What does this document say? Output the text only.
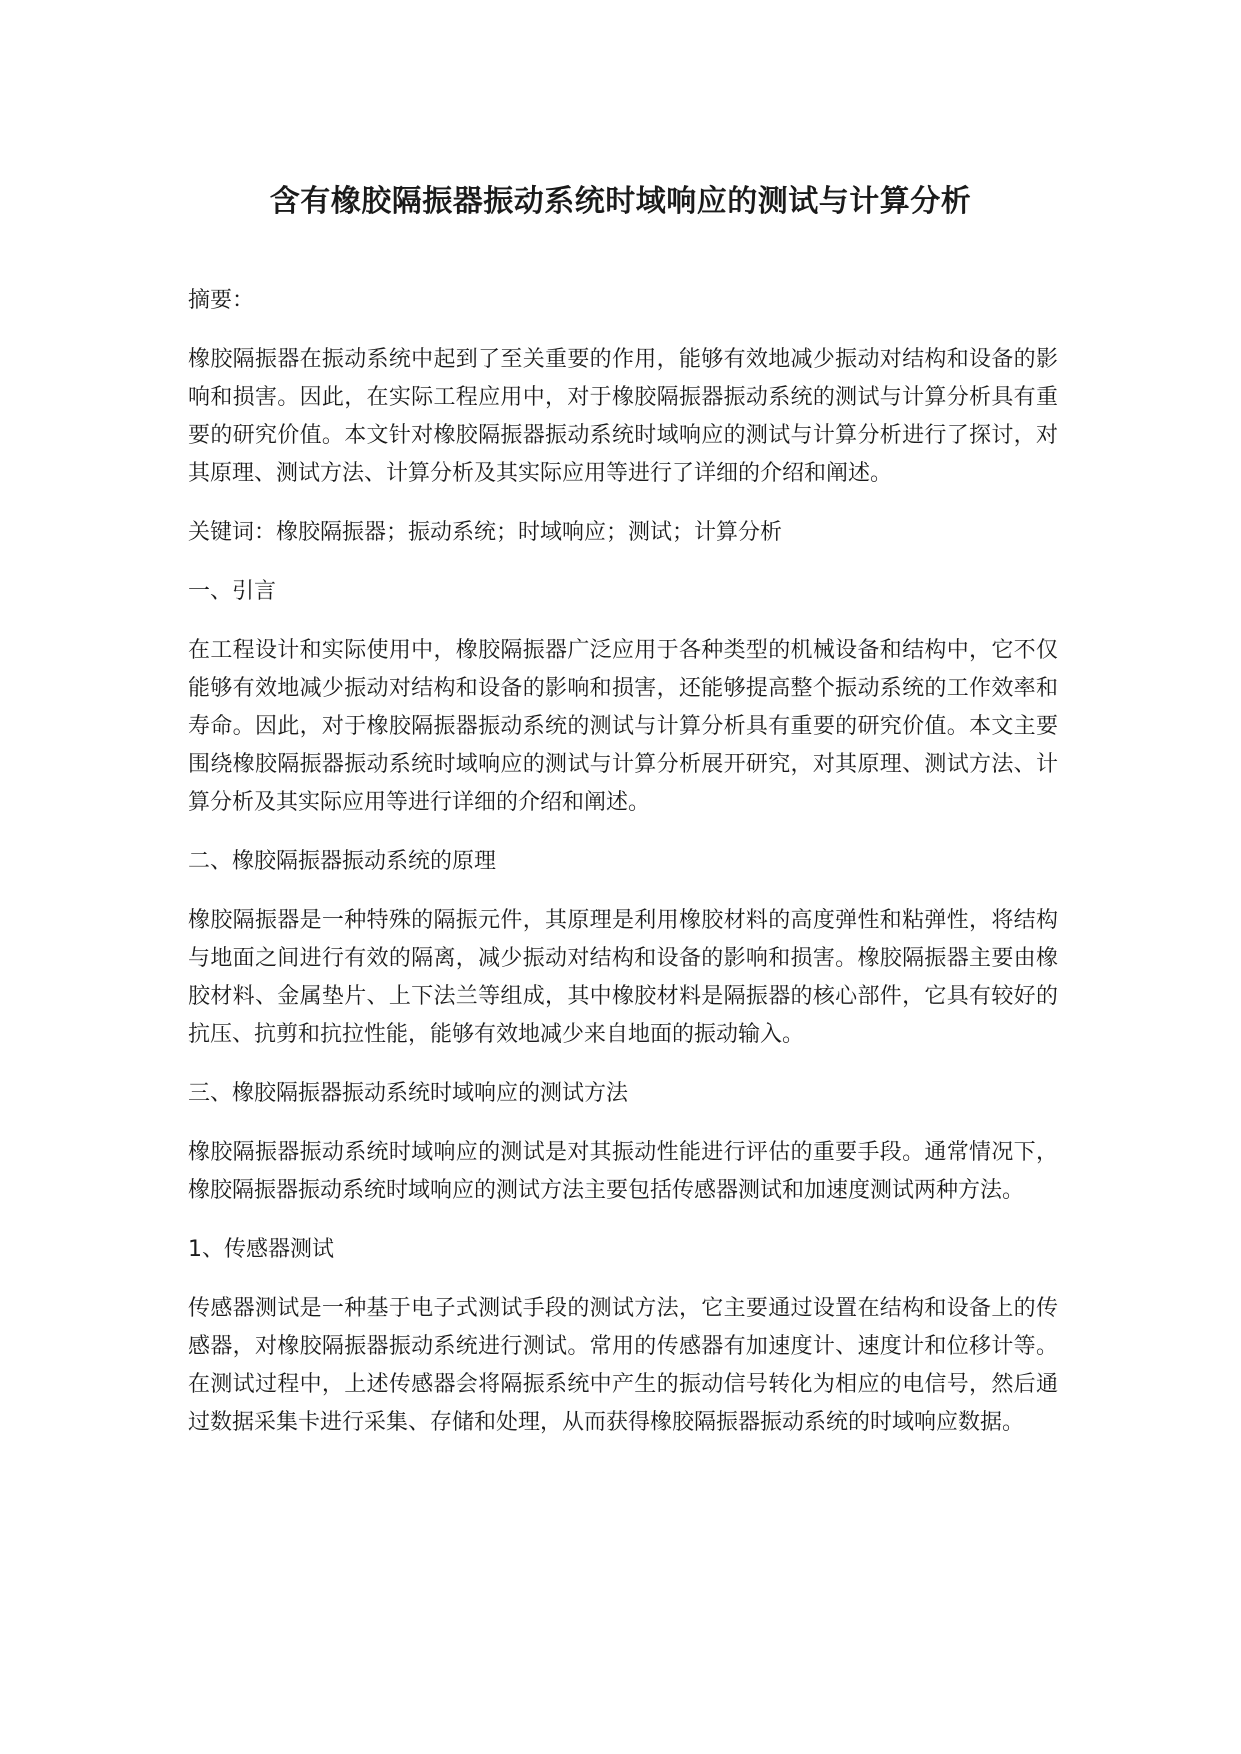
含有橡胶隔振器振动系统时域响应的测试与计算分析
摘要：

橡胶隔振器在振动系统中起到了至关重要的作用，能够有效地减少振动对结构和设备的影响和损害。因此，在实际工程应用中，对于橡胶隔振器振动系统的测试与计算分析具有重要的研究价值。本文针对橡胶隔振器振动系统时域响应的测试与计算分析进行了探讨，对其原理、测试方法、计算分析及其实际应用等进行了详细的介绍和阐述。

关键词：橡胶隔振器；振动系统；时域响应；测试；计算分析

一、引言

在工程设计和实际使用中，橡胶隔振器广泛应用于各种类型的机械设备和结构中，它不仅能够有效地减少振动对结构和设备的影响和损害，还能够提高整个振动系统的工作效率和寿命。因此，对于橡胶隔振器振动系统的测试与计算分析具有重要的研究价值。本文主要围绕橡胶隔振器振动系统时域响应的测试与计算分析展开研究，对其原理、测试方法、计算分析及其实际应用等进行详细的介绍和阐述。

二、橡胶隔振器振动系统的原理

橡胶隔振器是一种特殊的隔振元件，其原理是利用橡胶材料的高度弹性和粘弹性，将结构与地面之间进行有效的隔离，减少振动对结构和设备的影响和损害。橡胶隔振器主要由橡胶材料、金属垫片、上下法兰等组成，其中橡胶材料是隔振器的核心部件，它具有较好的抗压、抗剪和抗拉性能，能够有效地减少来自地面的振动输入。

三、橡胶隔振器振动系统时域响应的测试方法

橡胶隔振器振动系统时域响应的测试是对其振动性能进行评估的重要手段。通常情况下，橡胶隔振器振动系统时域响应的测试方法主要包括传感器测试和加速度测试两种方法。

1、传感器测试

传感器测试是一种基于电子式测试手段的测试方法，它主要通过设置在结构和设备上的传感器，对橡胶隔振器振动系统进行测试。常用的传感器有加速度计、速度计和位移计等。在测试过程中，上述传感器会将隔振系统中产生的振动信号转化为相应的电信号，然后通过数据采集卡进行采集、存储和处理，从而获得橡胶隔振器振动系统的时域响应数据。
